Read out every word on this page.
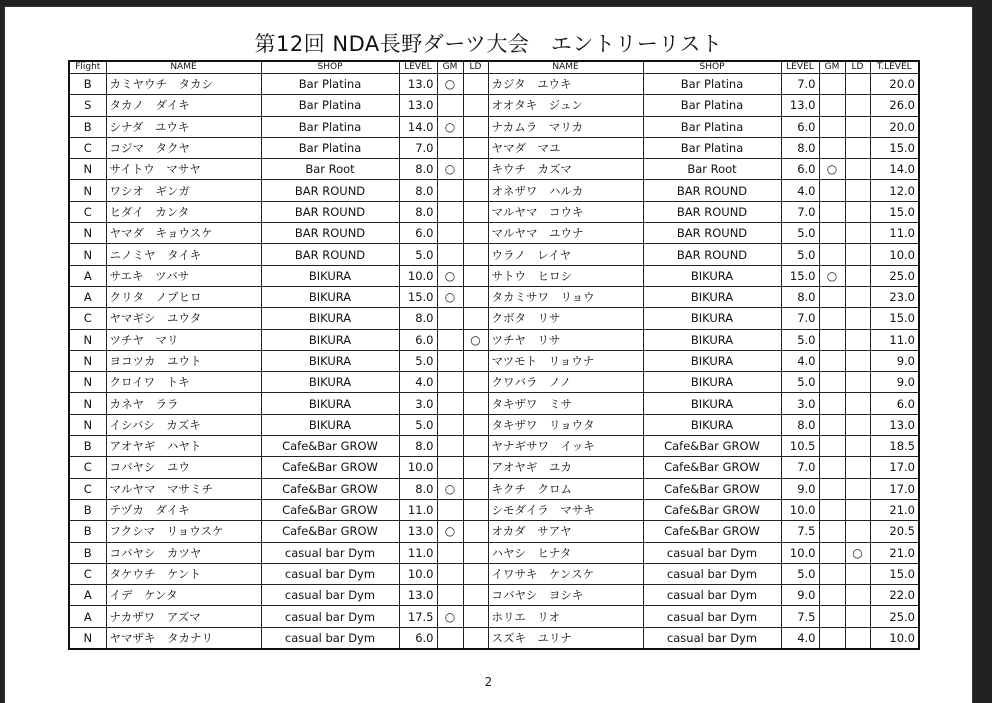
第12回 NDA長野ダーツ大会　エントリーリスト
Flight	NAME	SHOP	LEVEL	GM	LD	NAME	SHOP	LEVEL	GM	LD	T.LEVEL
B	カミヤウチ　タカシ	Bar Platina	13.0	○		カジタ　ユウキ	Bar Platina	7.0			20.0
S	タカノ　ダイキ	Bar Platina	13.0			オオタキ　ジュン	Bar Platina	13.0			26.0
B	シナダ　ユウキ	Bar Platina	14.0	○		ナカムラ　マリカ	Bar Platina	6.0			20.0
C	コジマ　タクヤ	Bar Platina	7.0			ヤマダ　マユ	Bar Platina	8.0			15.0
N	サイトウ　マサヤ	Bar Root	8.0	○		キウチ　カズマ	Bar Root	6.0	○		14.0
N	ワシオ　ギンガ	BAR ROUND	8.0			オネザワ　ハルカ	BAR ROUND	4.0			12.0
C	ヒダイ　カンタ	BAR ROUND	8.0			マルヤマ　コウキ	BAR ROUND	7.0			15.0
N	ヤマダ　キョウスケ	BAR ROUND	6.0			マルヤマ　ユウナ	BAR ROUND	5.0			11.0
N	ニノミヤ　タイキ	BAR ROUND	5.0			ウラノ　レイヤ	BAR ROUND	5.0			10.0
A	サエキ　ツバサ	BIKURA	10.0	○		サトウ　ヒロシ	BIKURA	15.0	○		25.0
A	クリタ　ノブヒロ	BIKURA	15.0	○		タカミサワ　リョウ	BIKURA	8.0			23.0
C	ヤマギシ　ユウタ	BIKURA	8.0			クボタ　リサ	BIKURA	7.0			15.0
N	ツチヤ　マリ	BIKURA	6.0		○	ツチヤ　リサ	BIKURA	5.0			11.0
N	ヨコツカ　ユウト	BIKURA	5.0			マツモト　リョウナ	BIKURA	4.0			9.0
N	クロイワ　トキ	BIKURA	4.0			クワバラ　ノノ	BIKURA	5.0			9.0
N	カネヤ　ララ	BIKURA	3.0			タキザワ　ミサ	BIKURA	3.0			6.0
N	イシバシ　カズキ	BIKURA	5.0			タキザワ　リョウタ	BIKURA	8.0			13.0
B	アオヤギ　ハヤト	Cafe&Bar GROW	8.0			ヤナギサワ　イッキ	Cafe&Bar GROW	10.5			18.5
C	コバヤシ　ユウ	Cafe&Bar GROW	10.0			アオヤギ　ユカ	Cafe&Bar GROW	7.0			17.0
C	マルヤマ　マサミチ	Cafe&Bar GROW	8.0	○		キクチ　クロム	Cafe&Bar GROW	9.0			17.0
B	テヅカ　ダイキ	Cafe&Bar GROW	11.0			シモダイラ　マサキ	Cafe&Bar GROW	10.0			21.0
B	フクシマ　リョウスケ	Cafe&Bar GROW	13.0	○		オカダ　サアヤ	Cafe&Bar GROW	7.5			20.5
B	コバヤシ　カツヤ	casual bar Dym	11.0			ハヤシ　ヒナタ	casual bar Dym	10.0		○	21.0
C	タケウチ　ケント	casual bar Dym	10.0			イワサキ　ケンスケ	casual bar Dym	5.0			15.0
A	イデ　ケンタ	casual bar Dym	13.0			コバヤシ　ヨシキ	casual bar Dym	9.0			22.0
A	ナカザワ　アズマ	casual bar Dym	17.5	○		ホリエ　リオ	casual bar Dym	7.5			25.0
N	ヤマザキ　タカナリ	casual bar Dym	6.0			スズキ　ユリナ	casual bar Dym	4.0			10.0
2
